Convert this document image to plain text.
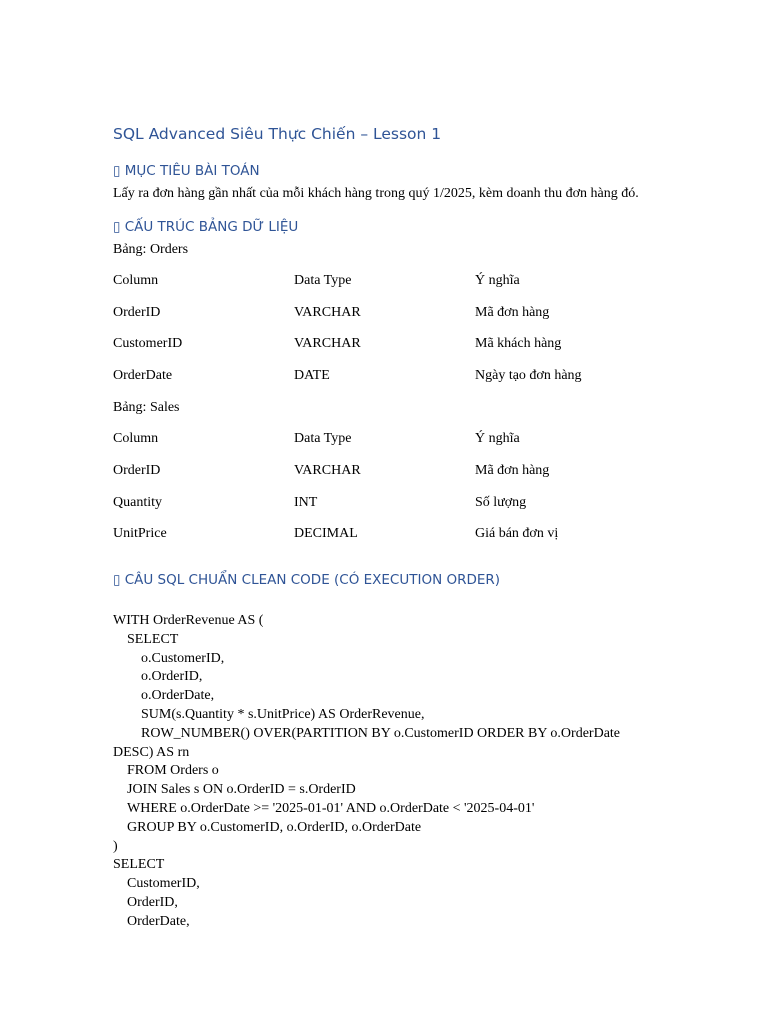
SQL Advanced Siêu Thực Chiến – Lesson 1
▯ MỤC TIÊU BÀI TOÁN
Lấy ra đơn hàng gần nhất của mỗi khách hàng trong quý 1/2025, kèm doanh thu đơn hàng đó.
▯ CẤU TRÚC BẢNG DỮ LIỆU
Bảng: Orders
Column	Data Type	Ý nghĩa
OrderID	VARCHAR	Mã đơn hàng
CustomerID	VARCHAR	Mã khách hàng
OrderDate	DATE	Ngày tạo đơn hàng
Bảng: Sales
Column	Data Type	Ý nghĩa
OrderID	VARCHAR	Mã đơn hàng
Quantity	INT	Số lượng
UnitPrice	DECIMAL	Giá bán đơn vị
▯ CÂU SQL CHUẨN CLEAN CODE (CÓ EXECUTION ORDER)
WITH OrderRevenue AS (
SELECT
o.CustomerID,
o.OrderID,
o.OrderDate,
SUM(s.Quantity * s.UnitPrice) AS OrderRevenue,
ROW_NUMBER() OVER(PARTITION BY o.CustomerID ORDER BY o.OrderDate
DESC) AS rn
FROM Orders o
JOIN Sales s ON o.OrderID = s.OrderID
WHERE o.OrderDate >= '2025-01-01' AND o.OrderDate < '2025-04-01'
GROUP BY o.CustomerID, o.OrderID, o.OrderDate
)
SELECT
CustomerID,
OrderID,
OrderDate,
